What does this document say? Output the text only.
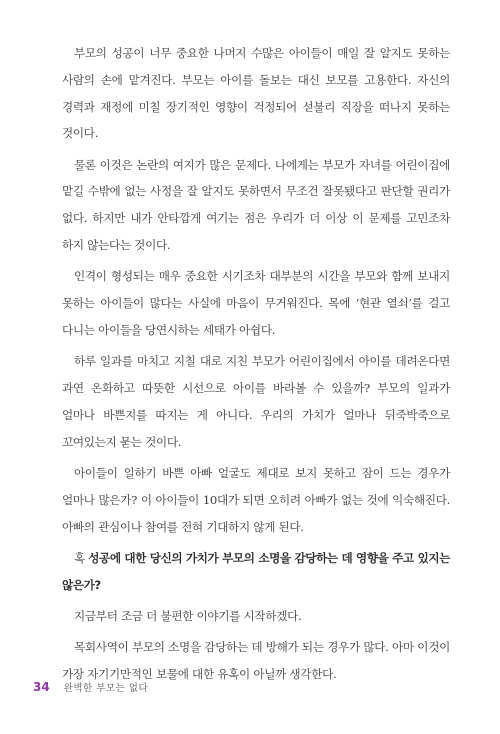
부모의 성공이 너무 중요한 나머지 수많은 아이들이 매일 잘 알지도 못하는 사람의 손에 맡겨진다. 부모는 아이를 돌보는 대신 보모를 고용한다. 자신의 경력과 재정에 미칠 장기적인 영향이 걱정되어 섣불리 직장을 떠나지 못하는 것이다.

물론 이것은 논란의 여지가 많은 문제다. 나에게는 부모가 자녀를 어린이집에 맡길 수밖에 없는 사정을 잘 알지도 못하면서 무조건 잘못됐다고 판단할 권리가 없다. 하지만 내가 안타깝게 여기는 점은 우리가 더 이상 이 문제를 고민조차 하지 않는다는 것이다.

인격이 형성되는 매우 중요한 시기조차 대부분의 시간을 부모와 함께 보내지 못하는 아이들이 많다는 사실에 마음이 무거워진다. 목에 ‘현관 열쇠’를 걸고 다니는 아이들을 당연시하는 세태가 아쉽다.

하루 일과를 마치고 지칠 대로 지친 부모가 어린이집에서 아이를 데려온다면 과연 온화하고 따뜻한 시선으로 아이를 바라볼 수 있을까? 부모의 일과가 얼마나 바쁜지를 따지는 게 아니다. 우리의 가치가 얼마나 뒤죽박죽으로 꼬여있는지 묻는 것이다.

아이들이 일하기 바쁜 아빠 얼굴도 제대로 보지 못하고 잠이 드는 경우가 얼마나 많은가? 이 아이들이 10대가 되면 오히려 아빠가 없는 것에 익숙해진다. 아빠의 관심이나 참여를 전혀 기대하지 않게 된다.

혹 성공에 대한 당신의 가치가 부모의 소명을 감당하는 데 영향을 주고 있지는 않은가?

지금부터 조금 더 불편한 이야기를 시작하겠다.

목회사역이 부모의 소명을 감당하는 데 방해가 되는 경우가 많다. 아마 이것이 가장 자기기만적인 보물에 대한 유혹이 아닐까 생각한다.

34 완벽한 부모는 없다
